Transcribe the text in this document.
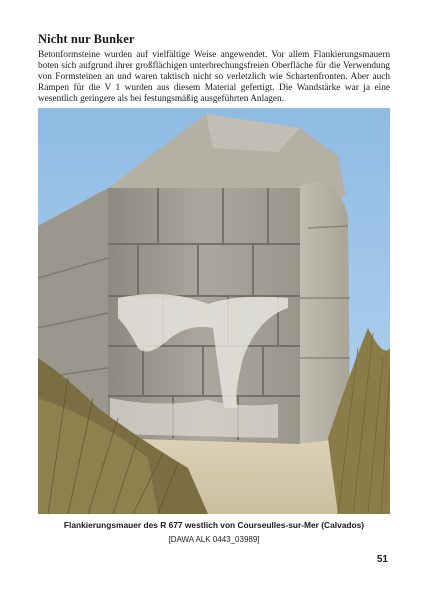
Nicht nur Bunker
Betonformsteine wurden auf vielfältige Weise angewendet. Vor allem Flankierungsmauern boten sich aufgrund ihrer großflächigen unterbrechungsfreien Oberfläche für die Verwendung von Formsteinen an und waren taktisch nicht so verletzlich wie Schartenfronten. Aber auch Rampen für die V 1 wurden aus diesem Material gefertigt. Die Wandstärke war ja eine wesentlich geringere als bei festungsmäßig ausgeführten Anlagen.
Flankierungsmauer des R 677 westlich von Courseulles-sur-Mer (Calvados)
[DAWA ALK 0443_03989]
51
